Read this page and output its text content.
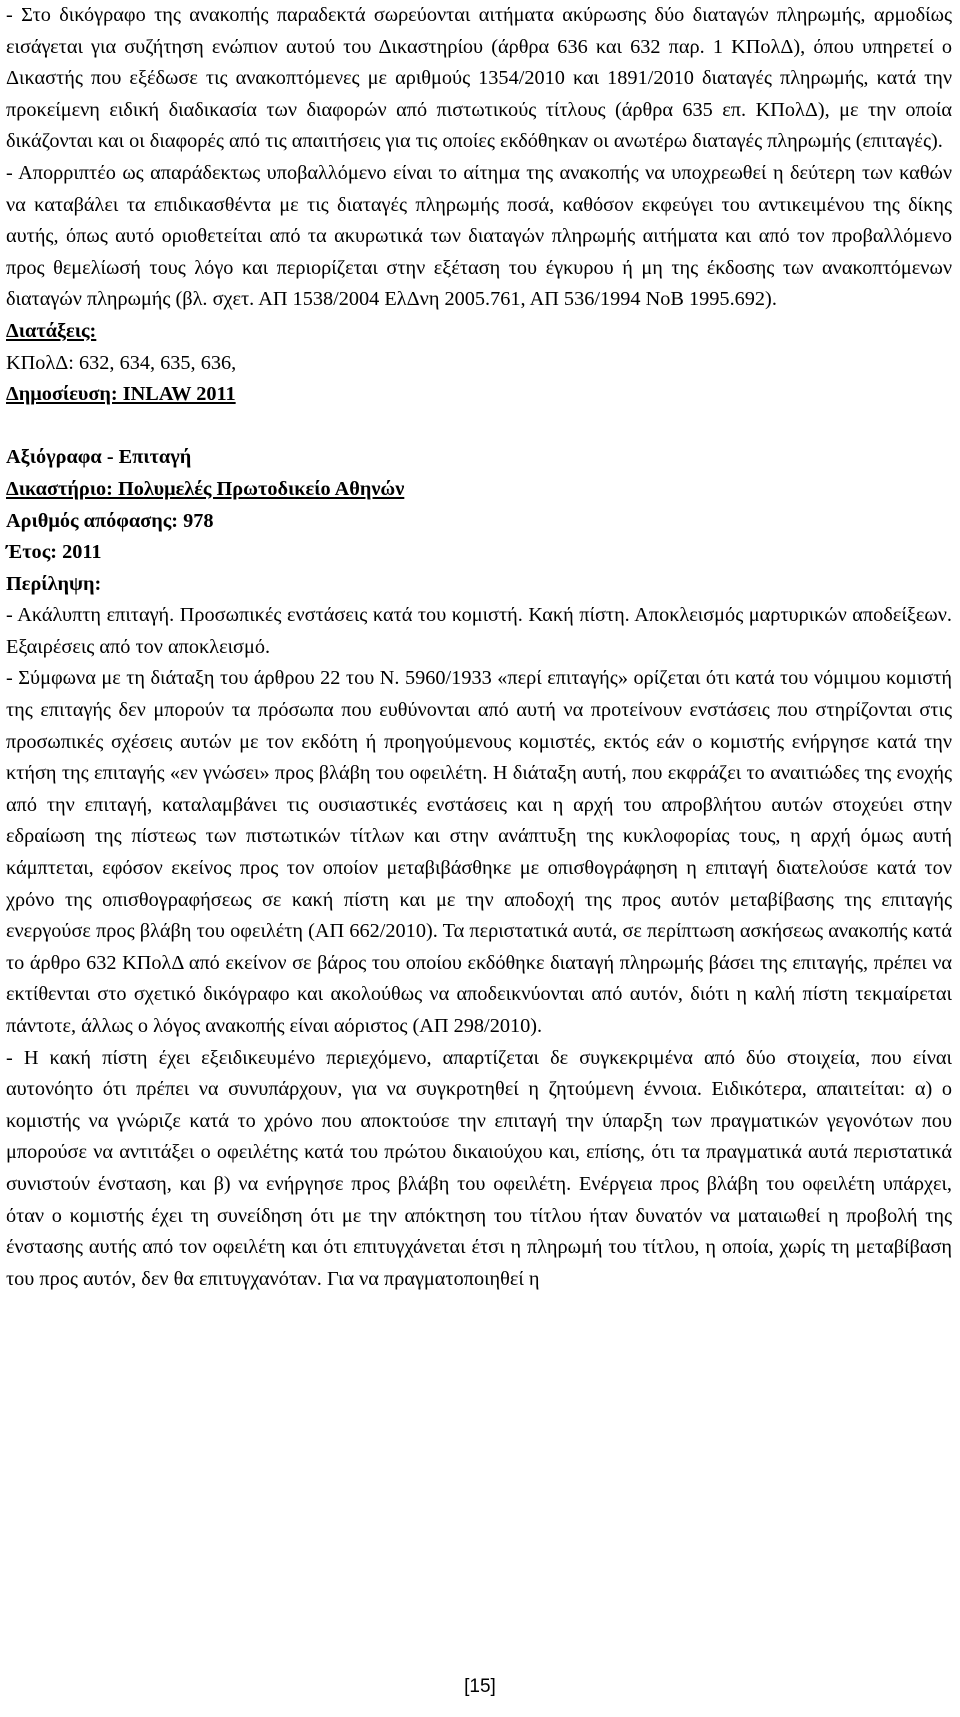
- Στο δικόγραφο της ανακοπής παραδεκτά σωρεύονται αιτήματα ακύρωσης δύο διαταγών πληρωμής, αρμοδίως εισάγεται για συζήτηση ενώπιον αυτού του Δικαστηρίου (άρθρα 636 και 632 παρ. 1 ΚΠολΔ), όπου υπηρετεί ο Δικαστής που εξέδωσε τις ανακοπτόμενες με αριθμούς 1354/2010 και 1891/2010 διαταγές πληρωμής, κατά την προκείμενη ειδική διαδικασία των διαφορών από πιστωτικούς τίτλους (άρθρα 635 επ. ΚΠολΔ), με την οποία δικάζονται και οι διαφορές από τις απαιτήσεις για τις οποίες εκδόθηκαν οι ανωτέρω διαταγές πληρωμής (επιταγές).

- Απορριπτέο ως απαράδεκτως υποβαλλόμενο είναι το αίτημα της ανακοπής να υποχρεωθεί η δεύτερη των καθών να καταβάλει τα επιδικασθέντα με τις διαταγές πληρωμής ποσά, καθόσον εκφεύγει του αντικειμένου της δίκης αυτής, όπως αυτό οριοθετείται από τα ακυρωτικά των διαταγών πληρωμής αιτήματα και από τον προβαλλόμενο προς θεμελίωσή τους λόγο και περιορίζεται στην εξέταση του έγκυρου ή μη της έκδοσης των ανακοπτόμενων διαταγών πληρωμής (βλ. σχετ. ΑΠ 1538/2004 ΕλΔνη 2005.761, ΑΠ 536/1994 ΝοΒ 1995.692).

Διατάξεις:

ΚΠολΔ: 632, 634, 635, 636,

Δημοσίευση: INLAW 2011

Αξιόγραφα - Επιταγή

Δικαστήριο: Πολυμελές Πρωτοδικείο Αθηνών

Αριθμός απόφασης: 978

Έτος: 2011

Περίληψη:

- Ακάλυπτη επιταγή. Προσωπικές ενστάσεις κατά του κομιστή. Κακή πίστη. Αποκλεισμός μαρτυρικών αποδείξεων. Εξαιρέσεις από τον αποκλεισμό.

- Σύμφωνα με τη διάταξη του άρθρου 22 του Ν. 5960/1933 «περί επιταγής» ορίζεται ότι κατά του νόμιμου κομιστή της επιταγής δεν μπορούν τα πρόσωπα που ευθύνονται από αυτή να προτείνουν ενστάσεις που στηρίζονται στις προσωπικές σχέσεις αυτών με τον εκδότη ή προηγούμενους κομιστές, εκτός εάν ο κομιστής ενήργησε κατά την κτήση της επιταγής «εν γνώσει» προς βλάβη του οφειλέτη. Η διάταξη αυτή, που εκφράζει το αναιτιώδες της ενοχής από την επιταγή, καταλαμβάνει τις ουσιαστικές ενστάσεις και η αρχή του απροβλήτου αυτών στοχεύει στην εδραίωση της πίστεως των πιστωτικών τίτλων και στην ανάπτυξη της κυκλοφορίας τους, η αρχή όμως αυτή κάμπτεται, εφόσον εκείνος προς τον οποίον μεταβιβάσθηκε με οπισθογράφηση η επιταγή διατελούσε κατά τον χρόνο της οπισθογραφήσεως σε κακή πίστη και με την αποδοχή της προς αυτόν μεταβίβασης της επιταγής ενεργούσε προς βλάβη του οφειλέτη (ΑΠ 662/2010). Τα περιστατικά αυτά, σε περίπτωση ασκήσεως ανακοπής κατά το άρθρο 632 ΚΠολΔ από εκείνον σε βάρος του οποίου εκδόθηκε διαταγή πληρωμής βάσει της επιταγής, πρέπει να εκτίθενται στο σχετικό δικόγραφο και ακολούθως να αποδεικνύονται από αυτόν, διότι η καλή πίστη τεκμαίρεται πάντοτε, άλλως ο λόγος ανακοπής είναι αόριστος (ΑΠ 298/2010).

- Η κακή πίστη έχει εξειδικευμένο περιεχόμενο, απαρτίζεται δε συγκεκριμένα από δύο στοιχεία, που είναι αυτονόητο ότι πρέπει να συνυπάρχουν, για να συγκροτηθεί η ζητούμενη έννοια. Ειδικότερα, απαιτείται: α) ο κομιστής να γνώριζε κατά το χρόνο που αποκτούσε την επιταγή την ύπαρξη των πραγματικών γεγονότων που μπορούσε να αντιτάξει ο οφειλέτης κατά του πρώτου δικαιούχου και, επίσης, ότι τα πραγματικά αυτά περιστατικά συνιστούν ένσταση, και β) να ενήργησε προς βλάβη του οφειλέτη. Ενέργεια προς βλάβη του οφειλέτη υπάρχει, όταν ο κομιστής έχει τη συνείδηση ότι με την απόκτηση του τίτλου ήταν δυνατόν να ματαιωθεί η προβολή της ένστασης αυτής από τον οφειλέτη και ότι επιτυγχάνεται έτσι η πληρωμή του τίτλου, η οποία, χωρίς τη μεταβίβαση του προς αυτόν, δεν θα επιτυγχανόταν. Για να πραγματοποιηθεί η

[15]
